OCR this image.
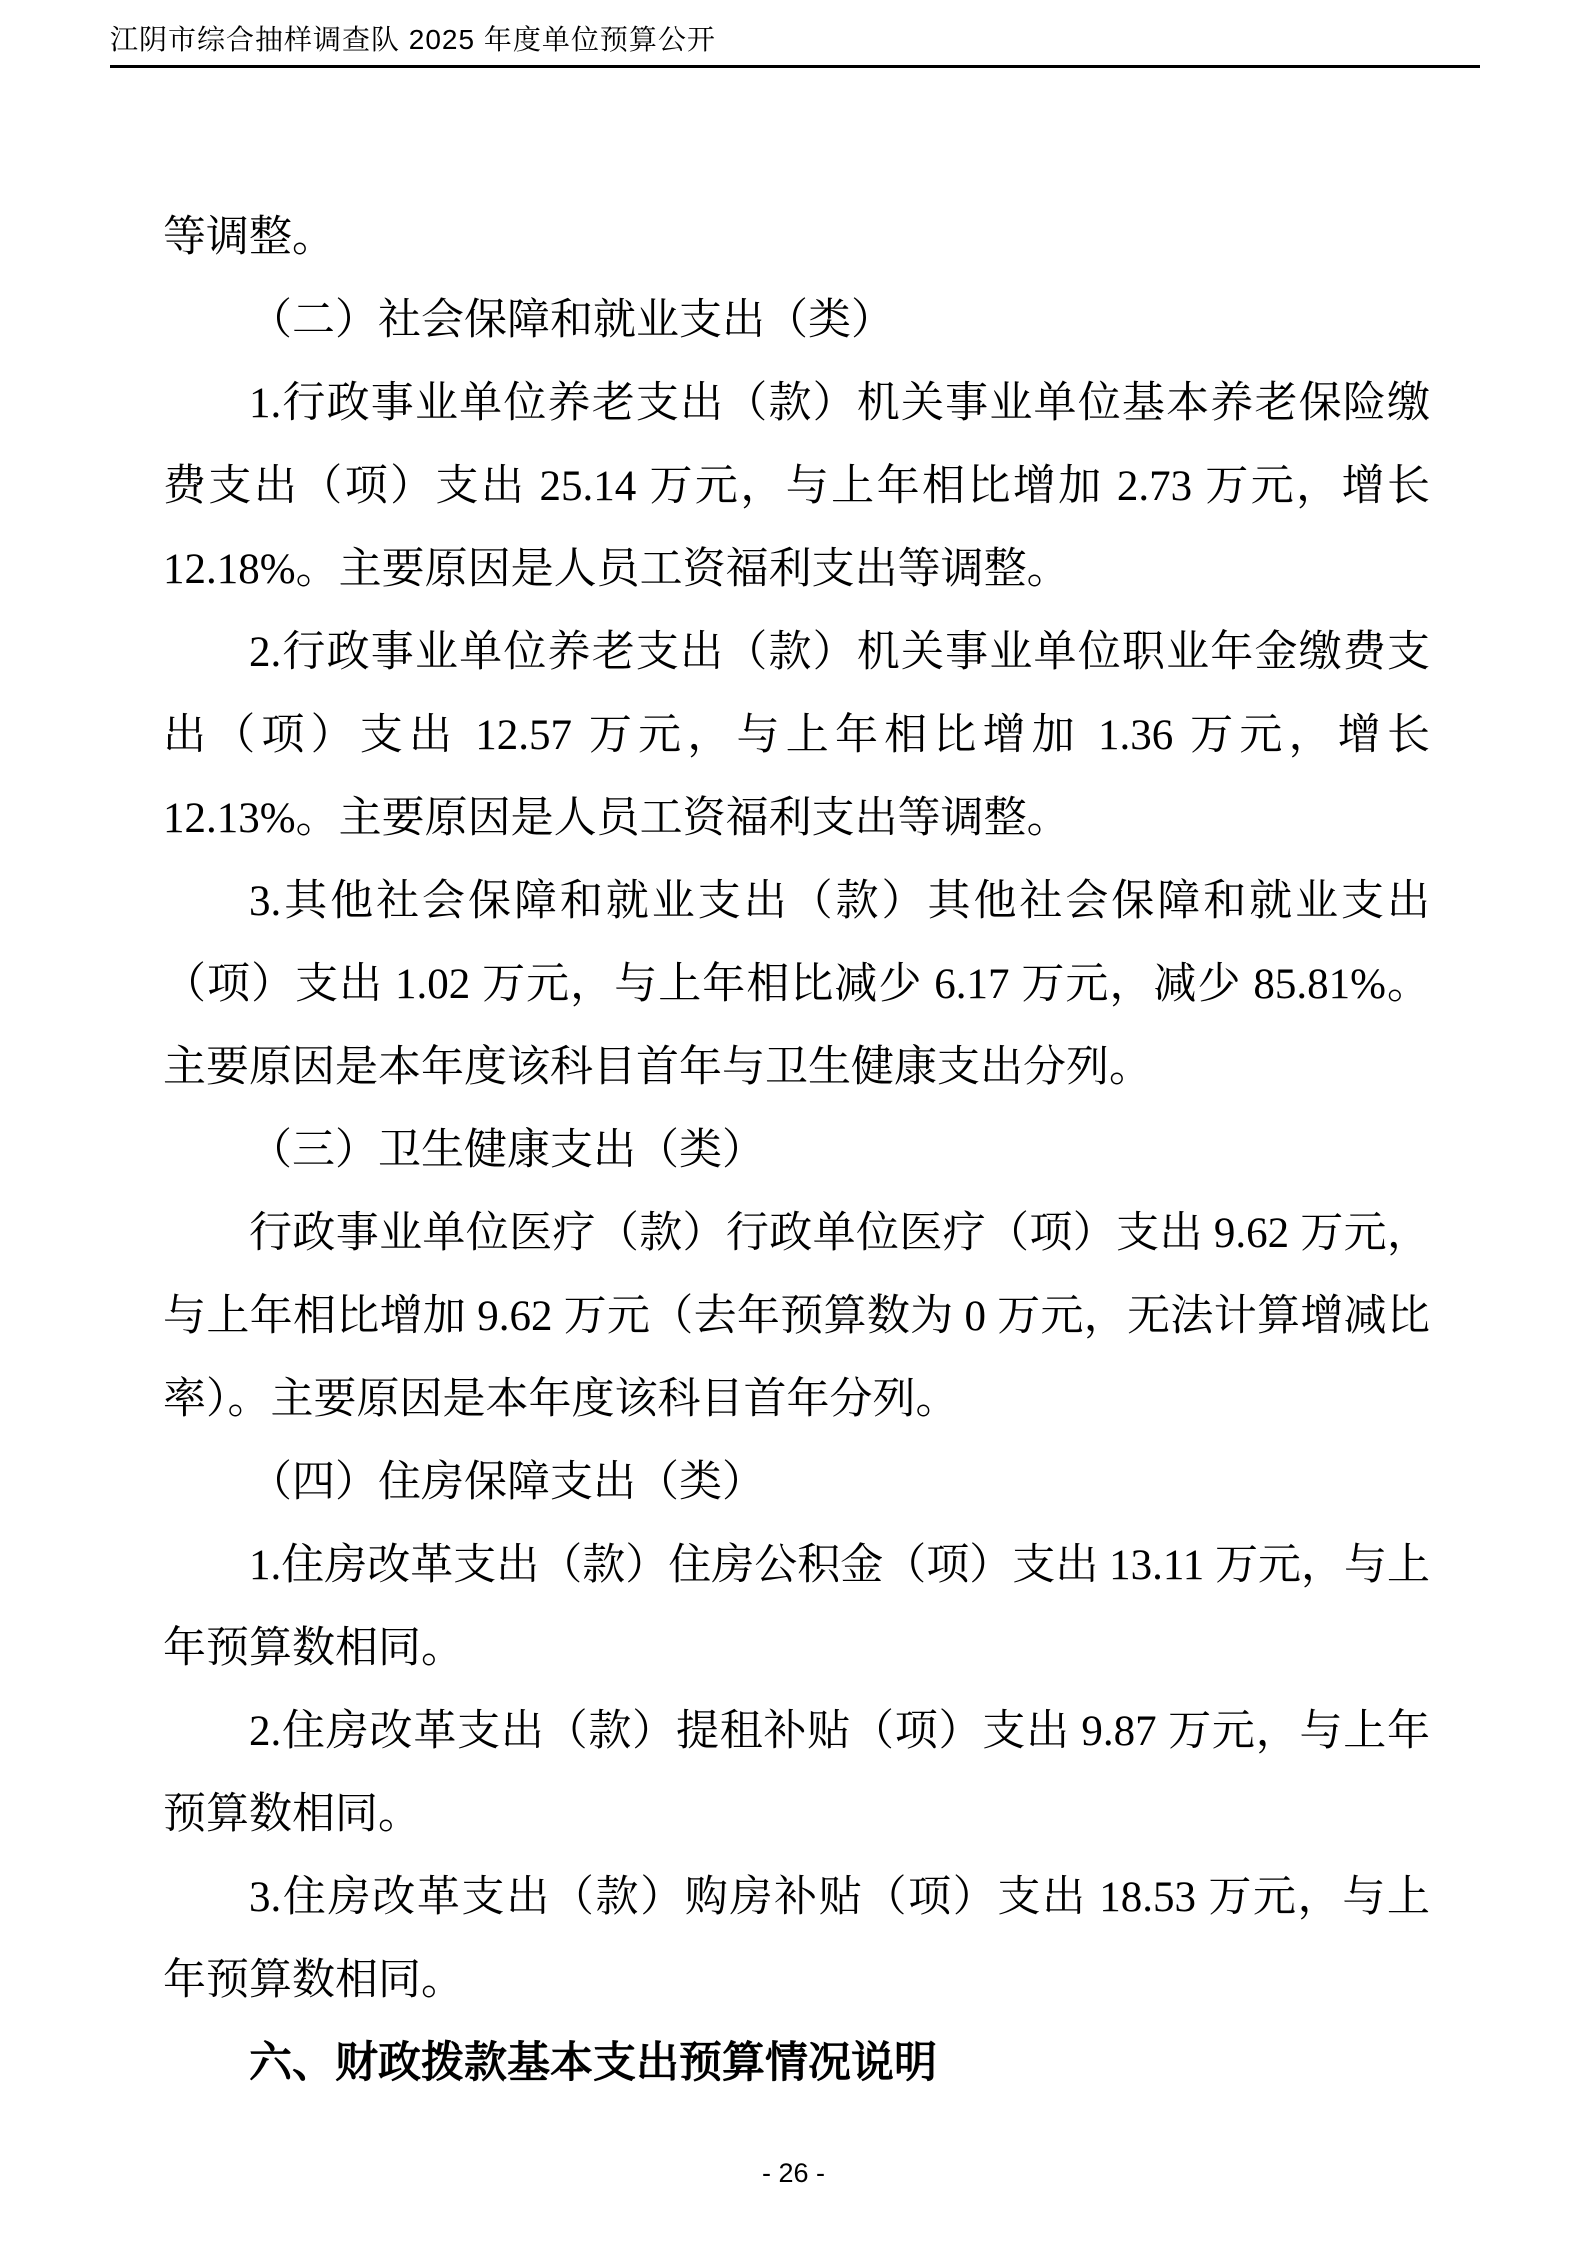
江阴市综合抽样调查队 2025 年度单位预算公开

等调整。

（二）社会保障和就业支出（类）

1.行政事业单位养老支出（款）机关事业单位基本养老保险缴费支出（项）支出 25.14 万元，与上年相比增加 2.73 万元，增长 12.18%。主要原因是人员工资福利支出等调整。

2.行政事业单位养老支出（款）机关事业单位职业年金缴费支出（项）支出 12.57 万元，与上年相比增加 1.36 万元，增长 12.13%。主要原因是人员工资福利支出等调整。

3.其他社会保障和就业支出（款）其他社会保障和就业支出（项）支出 1.02 万元，与上年相比减少 6.17 万元，减少 85.81%。主要原因是本年度该科目首年与卫生健康支出分列。

（三）卫生健康支出（类）

行政事业单位医疗（款）行政单位医疗（项）支出 9.62 万元，与上年相比增加 9.62 万元（去年预算数为 0 万元，无法计算增减比率）。主要原因是本年度该科目首年分列。

（四）住房保障支出（类）

1.住房改革支出（款）住房公积金（项）支出 13.11 万元，与上年预算数相同。

2.住房改革支出（款）提租补贴（项）支出 9.87 万元，与上年预算数相同。

3.住房改革支出（款）购房补贴（项）支出 18.53 万元，与上年预算数相同。

六、财政拨款基本支出预算情况说明

- 26 -
